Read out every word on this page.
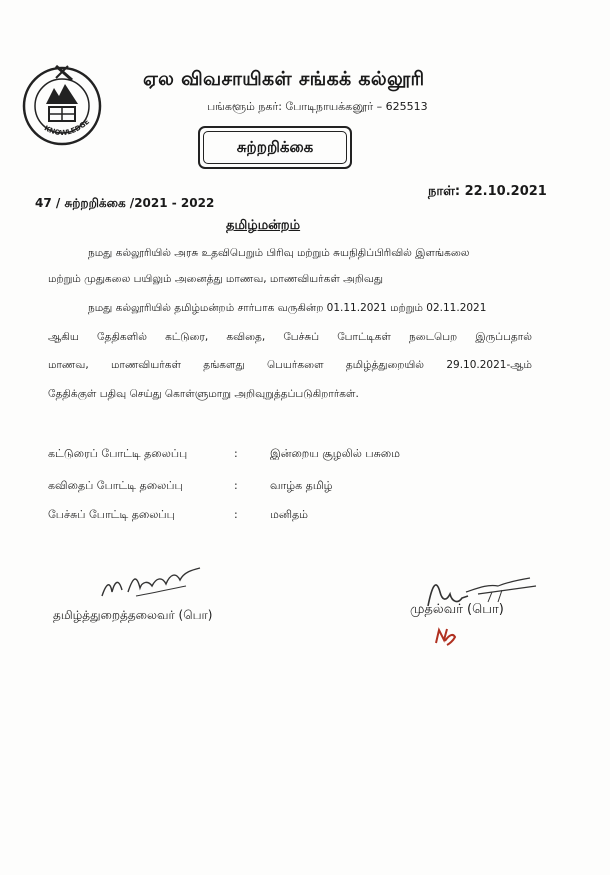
KNOWLEDGE
ஏல விவசாயிகள் சங்கக் கல்லூரி
பங்களூம் நகர்: போடிநாயக்கனூர் – 625513
சுற்றறிக்கை
47 / சுற்றறிக்கை /2021 - 2022
நாள்: 22.10.2021
தமிழ்மன்றம்
நமது கல்லூரியில் அரசு உதவிபெறும் பிரிவு மற்றும் சுயநிதிப்பிரிவில் இளங்கலை
மற்றும் முதுகலை பயிலும் அனைத்து மாணவ, மாணவியர்கள் அறிவது
நமது கல்லூரியில் தமிழ்மன்றம் சார்பாக வருகின்ற 01.11.2021 மற்றும் 02.11.2021
ஆகிய தேதிகளில் கட்டுரை, கவிதை, பேச்சுப் போட்டிகள் நடைபெற இருப்பதால்
மாணவ, மாணவியர்கள் தங்களது பெயர்களை தமிழ்த்துறையில் 29.10.2021-ஆம்
தேதிக்குள் பதிவு செய்து கொள்ளுமாறு அறிவுறுத்தப்படுகிறார்கள்.
கட்டுரைப் போட்டி தலைப்பு	:	இன்றைய சூழலில் பசுமை
கவிதைப் போட்டி தலைப்பு	:	வாழ்க தமிழ்
பேச்சுப் போட்டி தலைப்பு	:	மனிதம்
தமிழ்த்துறைத்தலைவர் (பொ)	முதல்வர் (பொ)
